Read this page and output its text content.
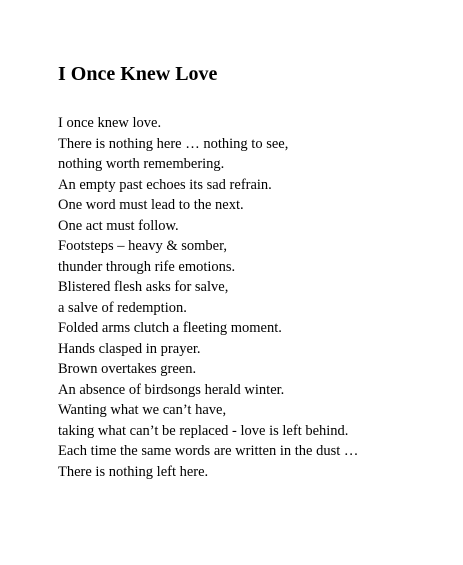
I Once Knew Love
I once knew love.
There is nothing here … nothing to see,
nothing worth remembering.
An empty past echoes its sad refrain.
One word must lead to the next.
One act must follow.
Footsteps – heavy & somber,
thunder through rife emotions.
Blistered flesh asks for salve,
a salve of redemption.
Folded arms clutch a fleeting moment.
Hands clasped in prayer.
Brown overtakes green.
An absence of birdsongs herald winter.
Wanting what we can’t have,
taking what can’t be replaced - love is left behind.
Each time the same words are written in the dust …
There is nothing left here.
